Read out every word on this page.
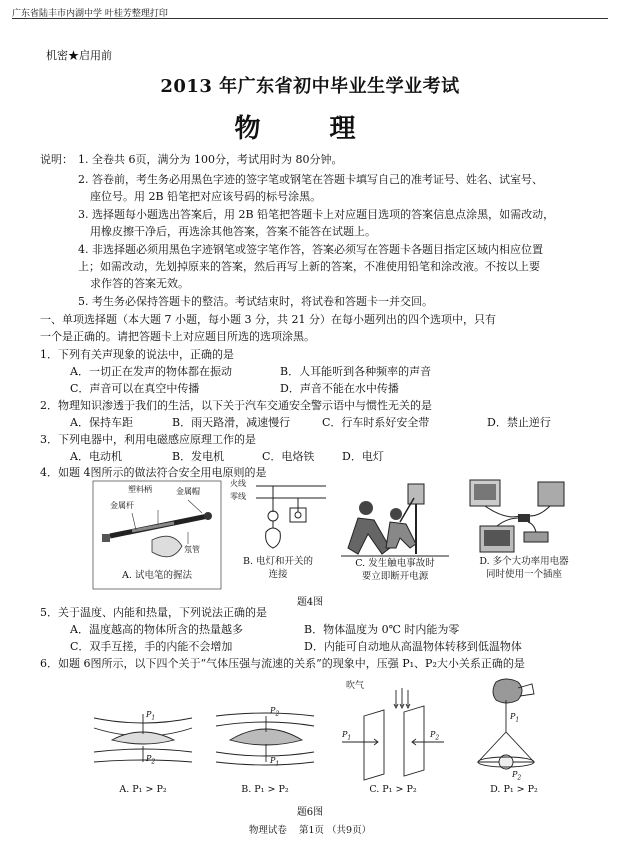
广东省陆丰市内湖中学 叶桂芳整理打印
机密★启用前
2013 年广东省初中毕业生学业考试
物 理
说明： 1. 全卷共 6页，满分为 100分，考试用时为 80分钟。
2. 答卷前，考生务必用黑色字迹的签字笔或钢笔在答题卡填写自己的准考证号、姓名、试室号、
座位号。用 2B 铅笔把对应该号码的标号涂黑。
3. 选择题每小题选出答案后，用 2B 铅笔把答题卡上对应题目选项的答案信息点涂黑，如需改动，
用橡皮擦干净后，再选涂其他答案，答案不能答在试题上。
4. 非选择题必须用黑色字迹钢笔或签字笔作答，答案必须写在答题卡各题目指定区域内相应位置
上；如需改动，先划掉原来的答案，然后再写上新的答案，不准使用铅笔和涂改液。不按以上要
求作答的答案无效。
5. 考生务必保持答题卡的整洁。考试结束时，将试卷和答题卡一并交回。
一、单项选择题（本大题 7 小题，每小题 3 分，共 21 分）在每小题列出的四个选项中，只有
一个是正确的。请把答题卡上对应题目所选的选项涂黑。
1．下列有关声现象的说法中，正确的是
A．一切正在发声的物体都在振动	B．人耳能听到各种频率的声音
C．声音可以在真空中传播	D．声音不能在水中传播
2．物理知识渗透于我们的生活，以下关于汽车交通安全警示语中与惯性无关的是
A．保持车距	B．雨天路滑，减速慢行	C．行车时系好安全带	D．禁止逆行
3．下列电器中，利用电磁感应原理工作的是
A．电动机	B．发电机	C．电烙铁	D．电灯
4．如题 4图所示的做法符合安全用电原则的是
塑料柄	金属帽
金属杆
氖管
A. 试电笔的握法
火线
零线
B. 电灯和开关的
连接
C. 发生触电事故时
要立即断开电源
D. 多个大功率用电器
同时使用一个插座
题4图
5．关于温度、内能和热量，下列说法正确的是
A．温度越高的物体所含的热量越多	B．物体温度为 0℃ 时内能为零
C．双手互搓，手的内能不会增加	D．内能可自动地从高温物体转移到低温物体
6．如题 6图所示，以下四个关于“气体压强与流速的关系”的现象中，压强 P₁、P₂大小关系正确的是
$P_1$
$P_2$
A. P₁ > P₂
$P_2$
$P_1$
B. P₁ > P₂
吹气
$P_1$	$P_2$
C. P₁ > P₂
$P_1$
$P_2$
D. P₁ > P₂
题6图
物理试卷    第1页 （共9页）
